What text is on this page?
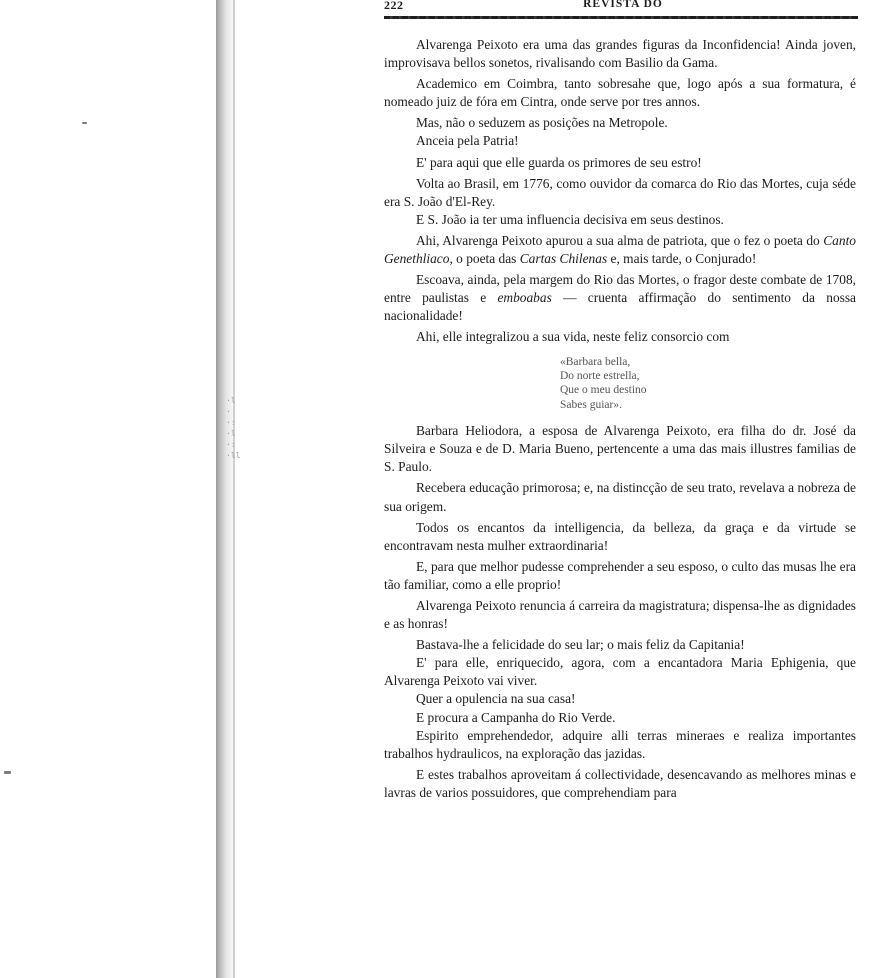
·l
·
·:
·l
·:
·ll
222	REVISTA DO

Alvarenga Peixoto era uma das grandes figuras da Inconfidencia! Ainda joven, improvisava bellos sonetos, rivalisando com Basilio da Gama.

Academico em Coimbra, tanto sobresahe que, logo após a sua formatura, é nomeado juiz de fóra em Cintra, onde serve por tres annos.

Mas, não o seduzem as posições na Metropole.

Anceia pela Patria!

E' para aqui que elle guarda os primores de seu estro!

Volta ao Brasil, em 1776, como ouvidor da comarca do Rio das Mortes, cuja séde era S. João d'El-Rey.

E S. João ia ter uma influencia decisiva em seus destinos.

Ahi, Alvarenga Peixoto apurou a sua alma de patriota, que o fez o poeta do Canto Genethliaco, o poeta das Cartas Chilenas e, mais tarde, o Conjurado!

Escoava, ainda, pela margem do Rio das Mortes, o fragor deste combate de 1708, entre paulistas e emboabas — cruenta affirmação do sentimento da nossa nacionalidade!

Ahi, elle integralizou a sua vida, neste feliz consorcio com

«Barbara bella,
Do norte estrella,
Que o meu destino
Sabes guiar».

Barbara Heliodora, a esposa de Alvarenga Peixoto, era filha do dr. José da Silveira e Souza e de D. Maria Bueno, pertencente a uma das mais illustres familias de S. Paulo.

Recebera educação primorosa; e, na distincção de seu trato, revelava a nobreza de sua origem.

Todos os encantos da intelligencia, da belleza, da graça e da virtude se encontravam nesta mulher extraordinaria!

E, para que melhor pudesse comprehender a seu esposo, o culto das musas lhe era tão familiar, como a elle proprio!

Alvarenga Peixoto renuncia á carreira da magistratura; dispensa-lhe as dignidades e as honras!

Bastava-lhe a felicidade do seu lar; o mais feliz da Capitania!

E' para elle, enriquecido, agora, com a encantadora Maria Ephigenia, que Alvarenga Peixoto vai viver.

Quer a opulencia na sua casa!

E procura a Campanha do Rio Verde.

Espirito emprehendedor, adquire alli terras mineraes e realiza importantes trabalhos hydraulicos, na exploração das jazidas.

E estes trabalhos aproveitam á collectividade, desencavando as melhores minas e lavras de varios possuidores, que comprehendiam para
